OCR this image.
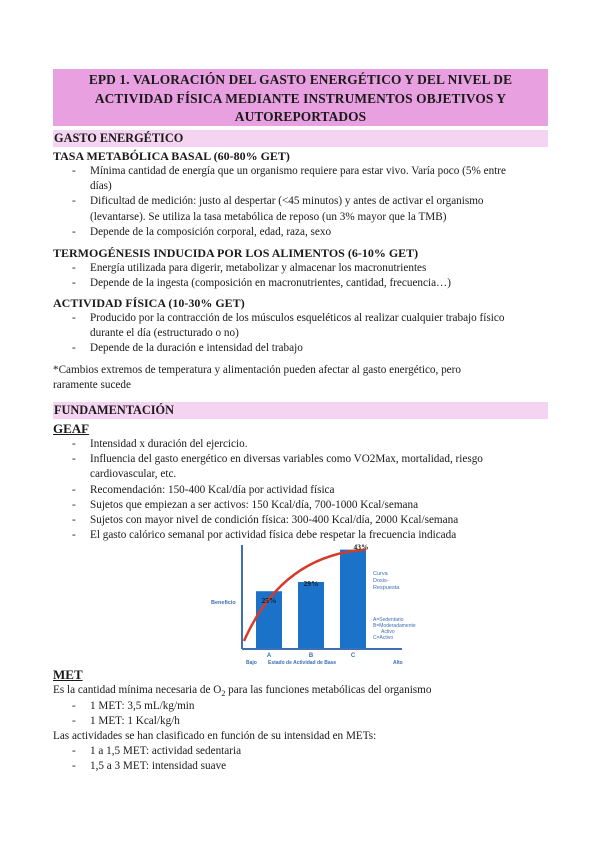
EPD 1. VALORACIÓN DEL GASTO ENERGÉTICO Y DEL NIVEL DE
ACTIVIDAD FÍSICA MEDIANTE INSTRUMENTOS OBJETIVOS Y
AUTOREPORTADOS
GASTO ENERGÉTICO
TASA METABÓLICA BASAL (60-80% GET)
- Mínima cantidad de energía que un organismo requiere para estar vivo. Varía poco (5% entre
días)
- Dificultad de medición: justo al despertar (<45 minutos) y antes de activar el organismo
(levantarse). Se utiliza la tasa metabólica de reposo (un 3% mayor que la TMB)
- Depende de la composición corporal, edad, raza, sexo
TERMOGÉNESIS INDUCIDA POR LOS ALIMENTOS (6-10% GET)
- Energía utilizada para digerir, metabolizar y almacenar los macronutrientes
- Depende de la ingesta (composición en macronutrientes, cantidad, frecuencia…)
ACTIVIDAD FÍSICA (10-30% GET)
- Producido por la contracción de los músculos esqueléticos al realizar cualquier trabajo físico
durante el día (estructurado o no)
- Depende de la duración e intensidad del trabajo
*Cambios extremos de temperatura y alimentación pueden afectar al gasto energético, pero
raramente sucede
FUNDAMENTACIÓN
GEAF
- Intensidad x duración del ejercicio.
- Influencia del gasto energético en diversas variables como VO2Max, mortalidad, riesgo
cardiovascular, etc.
- Recomendación: 150-400 Kcal/día por actividad física
- Sujetos que empiezan a ser activos: 150 Kcal/día, 700-1000 Kcal/semana
- Sujetos con mayor nivel de condición física: 300-400 Kcal/día, 2000 Kcal/semana
- El gasto calórico semanal por actividad física debe respetar la frecuencia indicada
Beneficio
Bajo Estado de Actividad de Base	Alto
Curva
Dosis-
Respuesta
A=Sedentario
B=Moderadamente
Activo
C=Activo
A	B	C
25%
29%
43%
MET
Es la cantidad mínima necesaria de $O_2$ para las funciones metabólicas del organismo
- 1 MET: 3,5 mL/kg/min
- 1 MET: 1 Kcal/kg/h
Las actividades se han clasificado en función de su intensidad en METs:
- 1 a 1,5 MET: actividad sedentaria
- 1,5 a 3 MET: intensidad suave
